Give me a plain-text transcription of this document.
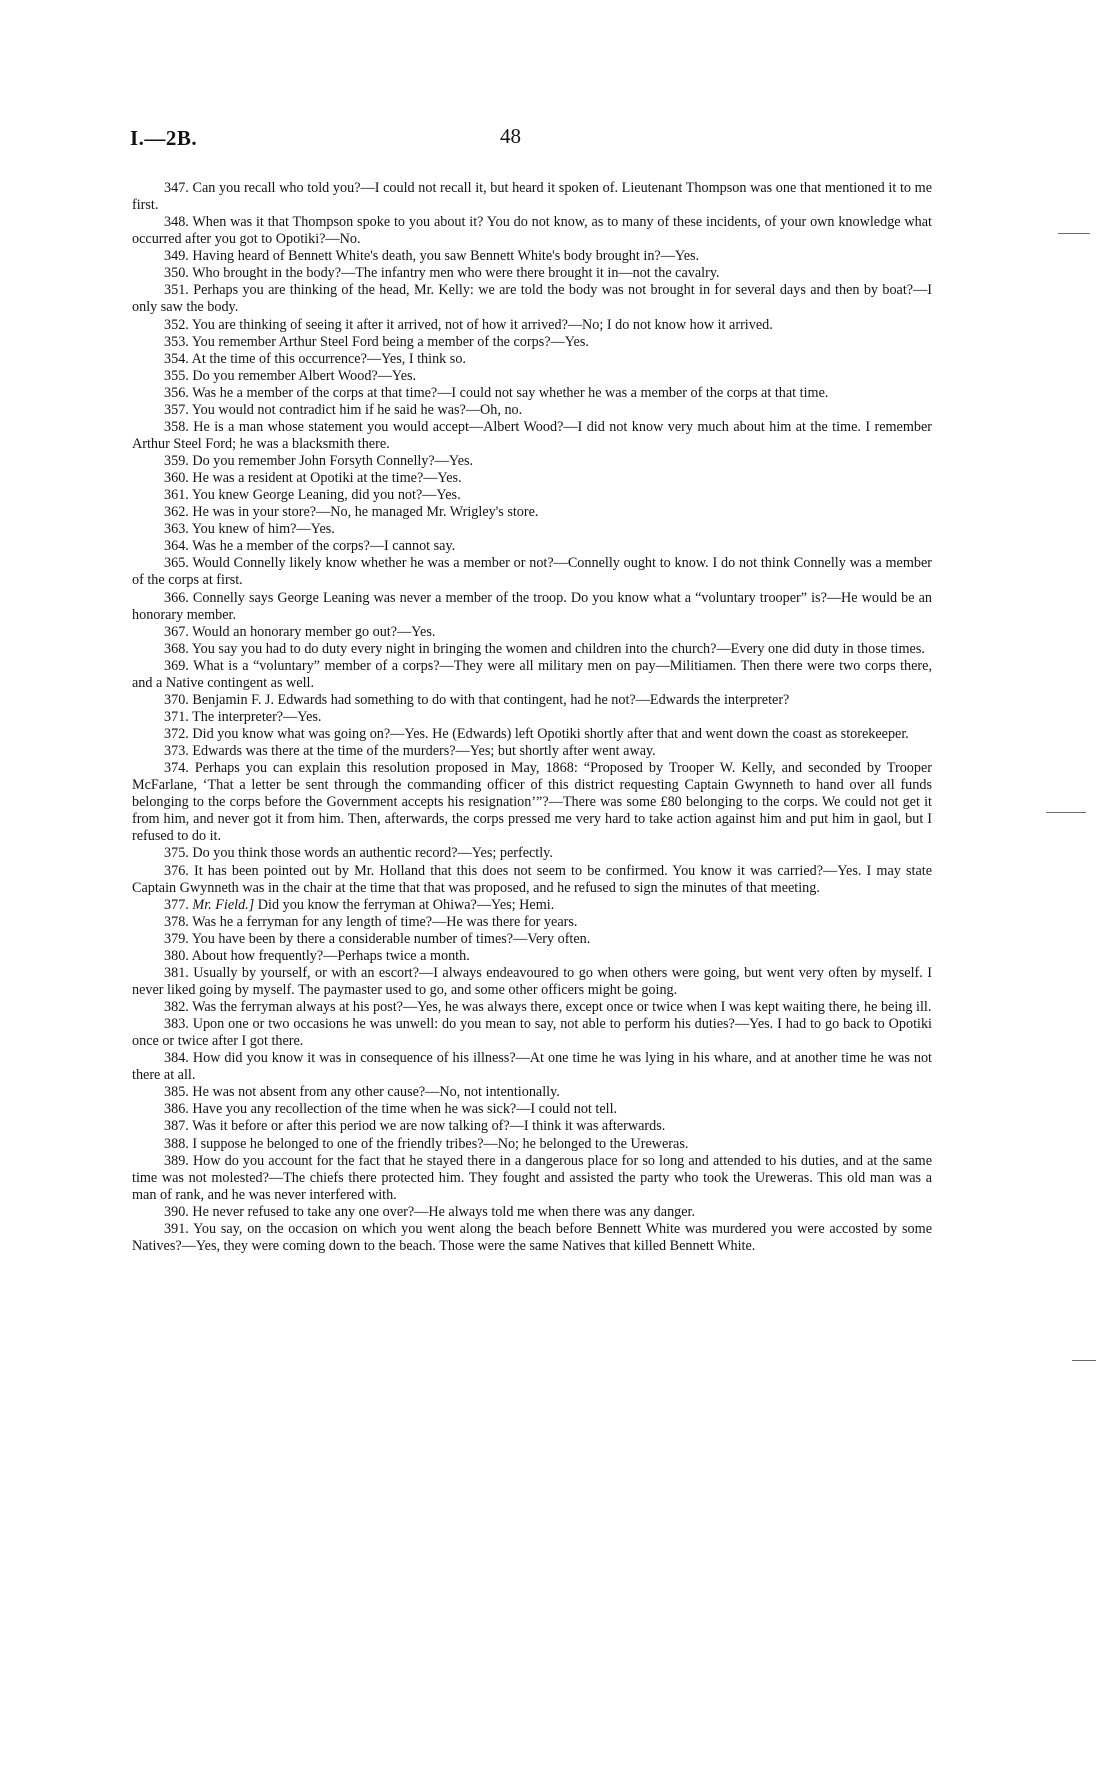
I.—2B.	48

347. Can you recall who told you?—I could not recall it, but heard it spoken of. Lieutenant Thompson was one that mentioned it to me first.

348. When was it that Thompson spoke to you about it? You do not know, as to many of these incidents, of your own knowledge what occurred after you got to Opotiki?—No.

349. Having heard of Bennett White's death, you saw Bennett White's body brought in?—Yes.

350. Who brought in the body?—The infantry men who were there brought it in—not the cavalry.

351. Perhaps you are thinking of the head, Mr. Kelly: we are told the body was not brought in for several days and then by boat?—I only saw the body.

352. You are thinking of seeing it after it arrived, not of how it arrived?—No; I do not know how it arrived.

353. You remember Arthur Steel Ford being a member of the corps?—Yes.

354. At the time of this occurrence?—Yes, I think so.

355. Do you remember Albert Wood?—Yes.

356. Was he a member of the corps at that time?—I could not say whether he was a member of the corps at that time.

357. You would not contradict him if he said he was?—Oh, no.

358. He is a man whose statement you would accept—Albert Wood?—I did not know very much about him at the time. I remember Arthur Steel Ford; he was a blacksmith there.

359. Do you remember John Forsyth Connelly?—Yes.

360. He was a resident at Opotiki at the time?—Yes.

361. You knew George Leaning, did you not?—Yes.

362. He was in your store?—No, he managed Mr. Wrigley's store.

363. You knew of him?—Yes.

364. Was he a member of the corps?—I cannot say.

365. Would Connelly likely know whether he was a member or not?—Connelly ought to know. I do not think Connelly was a member of the corps at first.

366. Connelly says George Leaning was never a member of the troop. Do you know what a “voluntary trooper” is?—He would be an honorary member.

367. Would an honorary member go out?—Yes.

368. You say you had to do duty every night in bringing the women and children into the church?—Every one did duty in those times.

369. What is a “voluntary” member of a corps?—They were all military men on pay—Militiamen. Then there were two corps there, and a Native contingent as well.

370. Benjamin F. J. Edwards had something to do with that contingent, had he not?—Edwards the interpreter?

371. The interpreter?—Yes.

372. Did you know what was going on?—Yes. He (Edwards) left Opotiki shortly after that and went down the coast as storekeeper.

373. Edwards was there at the time of the murders?—Yes; but shortly after went away.

374. Perhaps you can explain this resolution proposed in May, 1868: “Proposed by Trooper W. Kelly, and seconded by Trooper McFarlane, ‘That a letter be sent through the commanding officer of this district requesting Captain Gwynneth to hand over all funds belonging to the corps before the Government accepts his resignation’”?—There was some £80 belonging to the corps. We could not get it from him, and never got it from him. Then, afterwards, the corps pressed me very hard to take action against him and put him in gaol, but I refused to do it.

375. Do you think those words an authentic record?—Yes; perfectly.

376. It has been pointed out by Mr. Holland that this does not seem to be confirmed. You know it was carried?—Yes. I may state Captain Gwynneth was in the chair at the time that that was proposed, and he refused to sign the minutes of that meeting.

377. Mr. Field.] Did you know the ferryman at Ohiwa?—Yes; Hemi.

378. Was he a ferryman for any length of time?—He was there for years.

379. You have been by there a considerable number of times?—Very often.

380. About how frequently?—Perhaps twice a month.

381. Usually by yourself, or with an escort?—I always endeavoured to go when others were going, but went very often by myself. I never liked going by myself. The paymaster used to go, and some other officers might be going.

382. Was the ferryman always at his post?—Yes, he was always there, except once or twice when I was kept waiting there, he being ill.

383. Upon one or two occasions he was unwell: do you mean to say, not able to perform his duties?—Yes. I had to go back to Opotiki once or twice after I got there.

384. How did you know it was in consequence of his illness?—At one time he was lying in his whare, and at another time he was not there at all.

385. He was not absent from any other cause?—No, not intentionally.

386. Have you any recollection of the time when he was sick?—I could not tell.

387. Was it before or after this period we are now talking of?—I think it was afterwards.

388. I suppose he belonged to one of the friendly tribes?—No; he belonged to the Ureweras.

389. How do you account for the fact that he stayed there in a dangerous place for so long and attended to his duties, and at the same time was not molested?—The chiefs there protected him. They fought and assisted the party who took the Ureweras. This old man was a man of rank, and he was never interfered with.

390. He never refused to take any one over?—He always told me when there was any danger.

391. You say, on the occasion on which you went along the beach before Bennett White was murdered you were accosted by some Natives?—Yes, they were coming down to the beach. Those were the same Natives that killed Bennett White.
